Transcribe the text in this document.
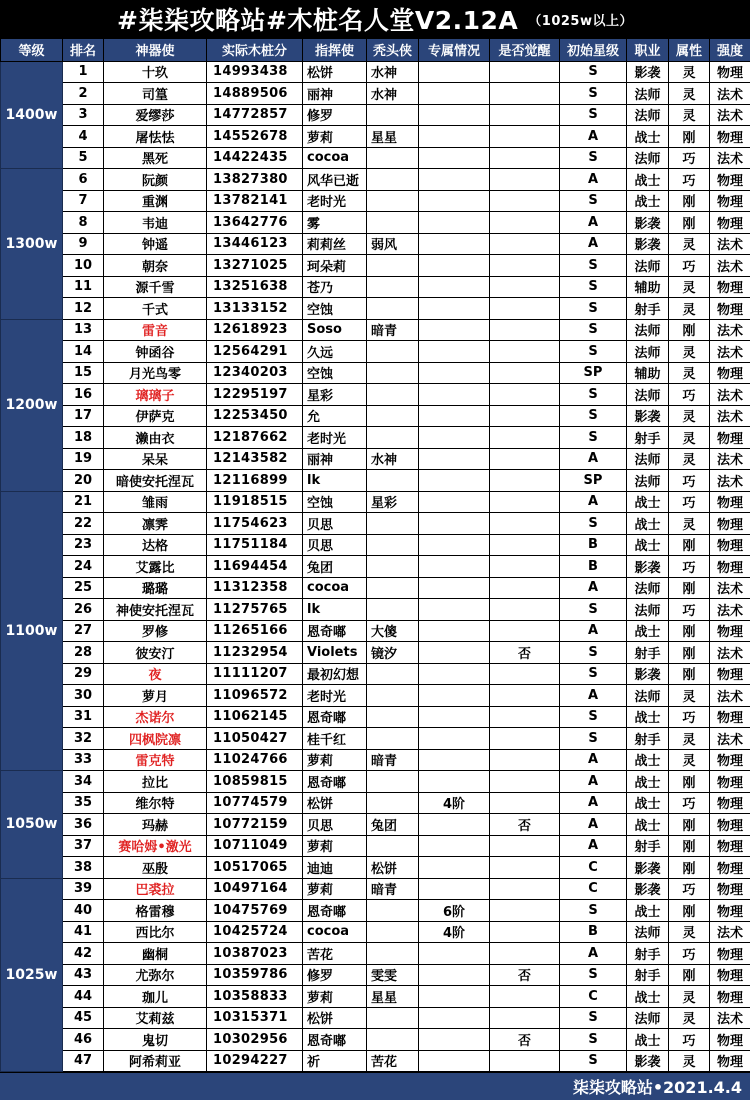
#柒柒攻略站#木桩名人堂V2.12A （1025w以上）
等级	排名	神器使	实际木桩分	指挥使	秃头侠	专属情况	是否觉醒	初始星级	职业	属性	强度
1400w	1	十玖	14993438	松饼	水神			S	影袭	灵	物理
	2	司篁	14889506	丽神	水神			S	法师	灵	法术
	3	爱缪莎	14772857	修罗				S	法师	灵	法术
	4	屠怯怯	14552678	萝莉	星星			A	战士	刚	物理
	5	黑死	14422435	cocoa				S	法师	巧	法术
1300w	6	阮颜	13827380	风华已逝				A	战士	巧	物理
	7	重渊	13782141	老时光				S	战士	刚	物理
	8	韦迪	13642776	雾				A	影袭	刚	物理
	9	钟遥	13446123	莉莉丝	弱风			A	影袭	灵	法术
	10	朝奈	13271025	珂朵莉				S	法师	巧	法术
	11	源千雪	13251638	苍乃				S	辅助	灵	物理
	12	千式	13133152	空蚀				S	射手	灵	物理
1200w	13	雷音	12618923	Soso	暗青			S	法师	刚	法术
	14	钟函谷	12564291	久远				S	法师	灵	法术
	15	月光鸟零	12340203	空蚀				SP	辅助	灵	物理
	16	璃璃子	12295197	星彩				S	法师	巧	法术
	17	伊萨克	12253450	允				S	影袭	灵	法术
	18	濑由衣	12187662	老时光				S	射手	灵	物理
	19	呆呆	12143582	丽神	水神			A	法师	灵	法术
	20	暗使安托涅瓦	12116899	lk				SP	法师	巧	法术
1100w	21	雏雨	11918515	空蚀	星彩			A	战士	巧	物理
	22	凛霁	11754623	贝思				S	战士	灵	物理
	23	达格	11751184	贝思				B	战士	刚	物理
	24	艾露比	11694454	兔团				B	影袭	巧	物理
	25	璐璐	11312358	cocoa				A	法师	刚	法术
	26	神使安托涅瓦	11275765	lk				S	法师	巧	法术
	27	罗修	11265166	恩奇嘟	大傻			A	战士	刚	物理
	28	彼安汀	11232954	Violets	镜汐		否	S	射手	刚	法术
	29	夜	11111207	最初幻想				S	影袭	刚	物理
	30	萝月	11096572	老时光				A	法师	灵	法术
	31	杰诺尔	11062145	恩奇嘟				S	战士	巧	物理
	32	四枫院凛	11050427	桂千红				S	射手	灵	法术
	33	雷克特	11024766	萝莉	暗青			A	战士	灵	物理
1050w	34	拉比	10859815	恩奇嘟				A	战士	刚	物理
	35	维尔特	10774579	松饼		4阶		A	战士	巧	物理
	36	玛赫	10772159	贝思	兔团		否	A	战士	刚	物理
	37	赛哈姆•激光	10711049	萝莉				A	射手	刚	物理
	38	巫殷	10517065	迪迪	松饼			C	影袭	刚	物理
1025w	39	巴裘拉	10497164	萝莉	暗青			C	影袭	巧	物理
	40	格雷穆	10475769	恩奇嘟		6阶		S	战士	刚	物理
	41	西比尔	10425724	cocoa		4阶		B	法师	灵	法术
	42	幽桐	10387023	苦花				A	射手	巧	物理
	43	尤弥尔	10359786	修罗	雯雯		否	S	射手	刚	物理
	44	珈儿	10358833	萝莉	星星			C	战士	灵	物理
	45	艾莉兹	10315371	松饼				S	法师	灵	法术
	46	鬼切	10302956	恩奇嘟			否	S	战士	巧	物理
	47	阿希莉亚	10294227	祈	苦花			S	影袭	灵	物理
柒柒攻略站•2021.4.4
